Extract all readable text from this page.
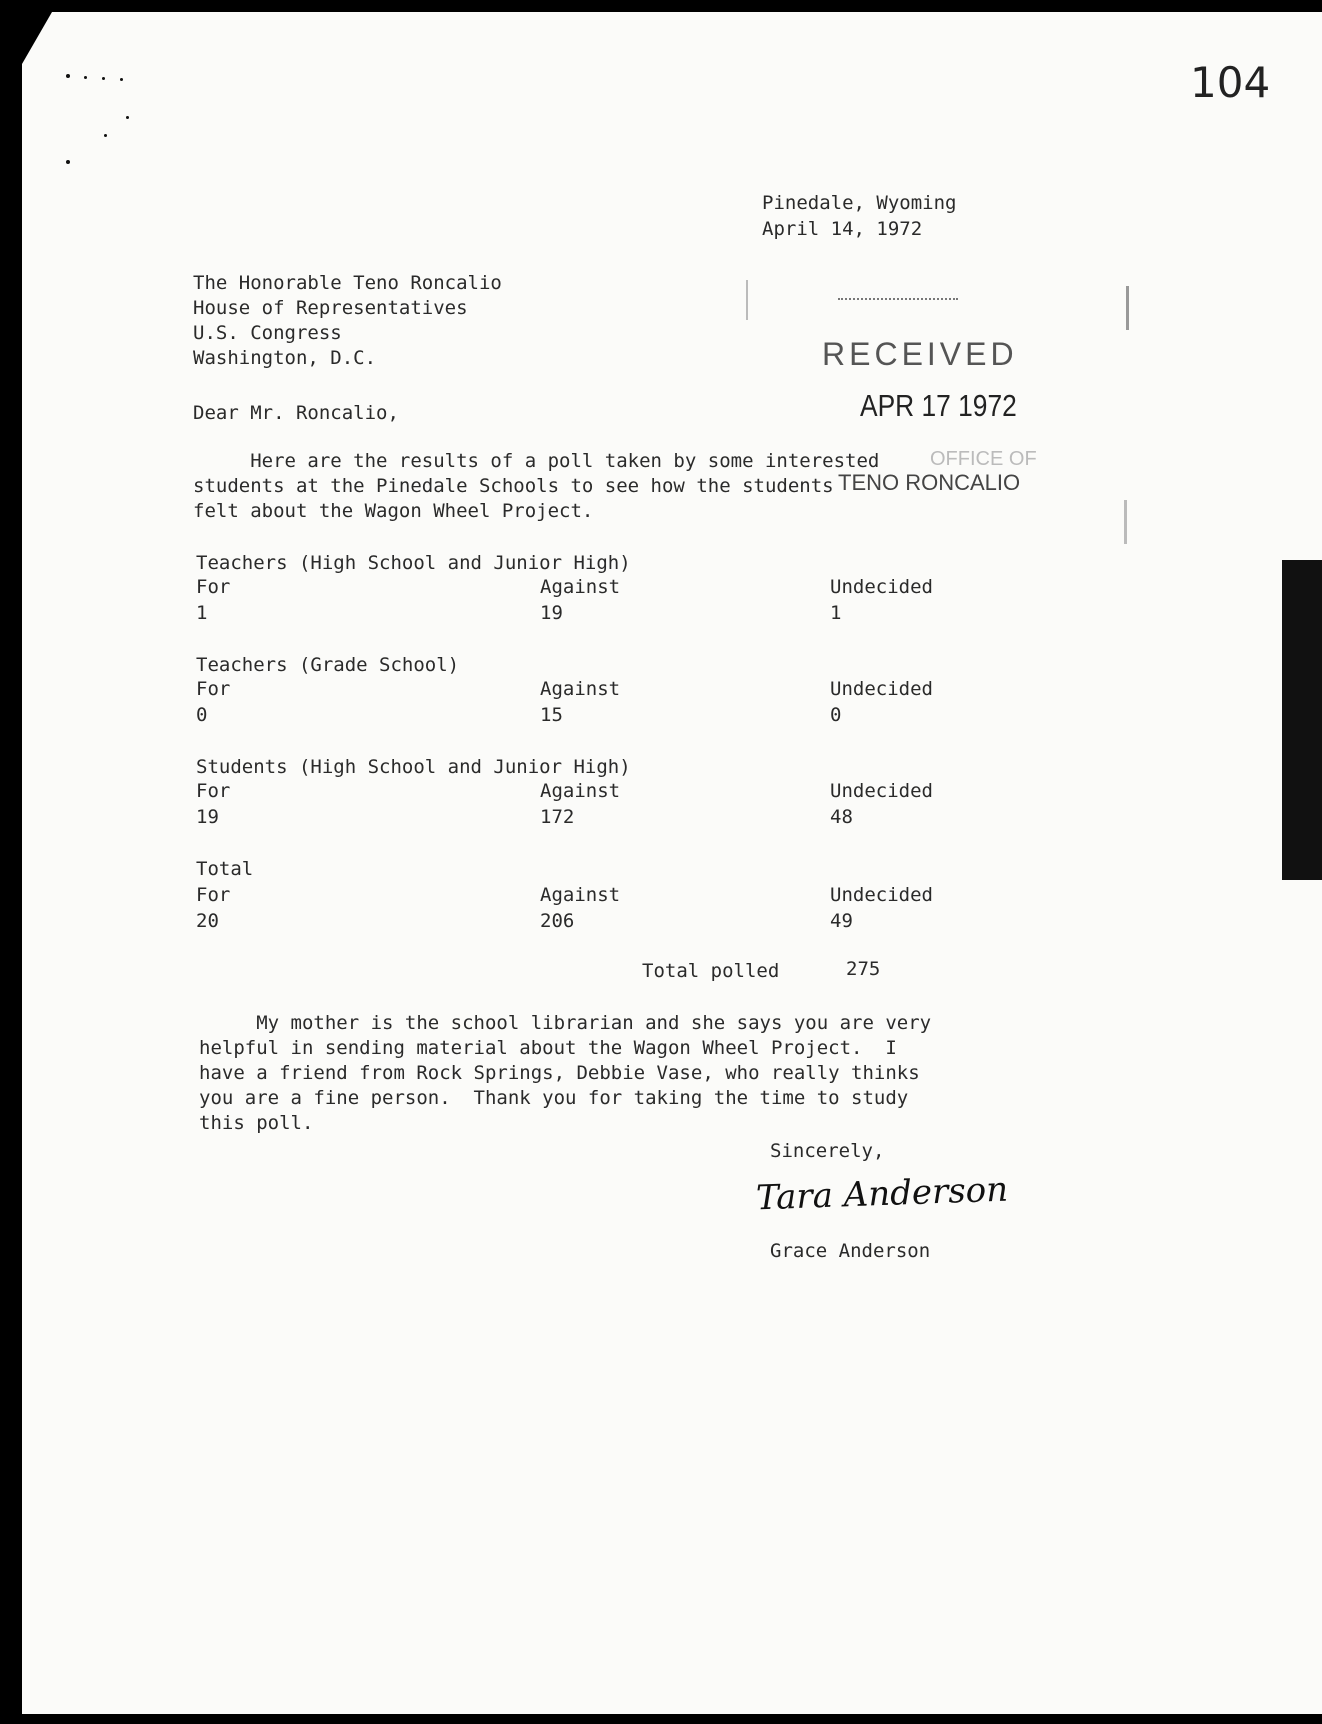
104
Pinedale, Wyoming
April 14, 1972
The Honorable Teno Roncalio
House of Representatives
U.S. Congress
Washington, D.C.	RECEIVED
APR 17 1972
OFFICE OF
TENO RONCALIO
Dear Mr. Roncalio,
Here are the results of a poll taken by some interested
students at the Pinedale Schools to see how the students
felt about the Wagon Wheel Project.
Teachers (High School and Junior High)
For	Against	Undecided
1	19	1
Teachers (Grade School)
For	Against	Undecided
0	15	0
Students (High School and Junior High)
For	Against	Undecided
19	172	48
Total
For	Against	Undecided
20	206	49
Total polled	275
My mother is the school librarian and she says you are very
helpful in sending material about the Wagon Wheel Project.  I
have a friend from Rock Springs, Debbie Vase, who really thinks
you are a fine person.  Thank you for taking the time to study
this poll.
Sincerely,
Tara Anderson
Grace Anderson
